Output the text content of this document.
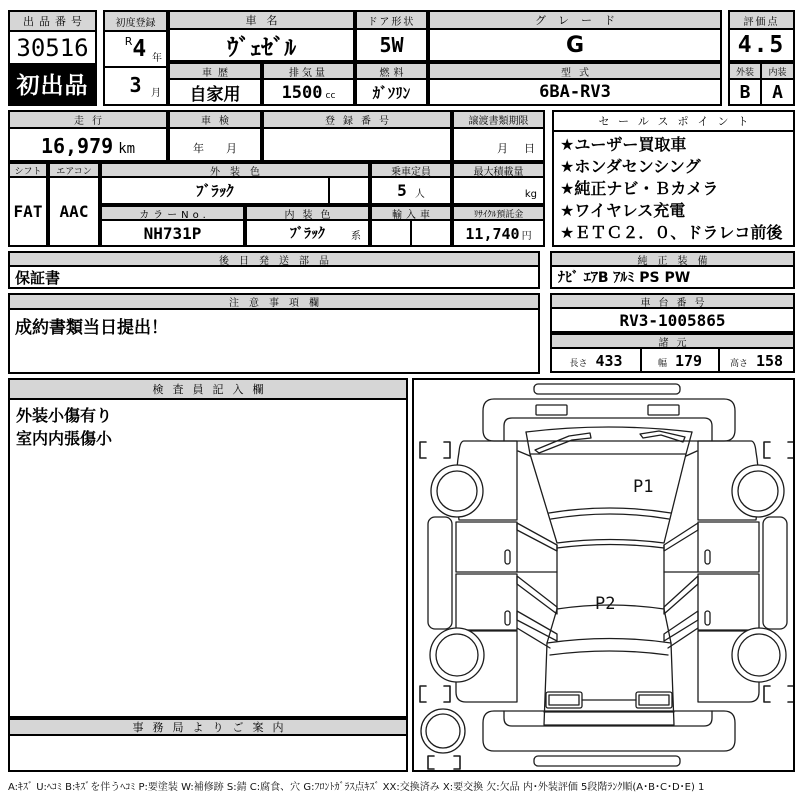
出品番号
30516
初出品
初度登録
R 4 年
3 月
車名
ｳﾞｪｾﾞﾙ
ドア形状
5W
グレード
G
評価点
4.5
車歴
自家用
排気量
1500 cc
燃料
ｶﾞｿﾘﾝ
型式
6BA-RV3
外装
B
内装
A
走行
16,979 km
車検
年 月
登録番号	譲渡書類期限
月 日
シフト
FAT
エアコン
AAC
外装色
ﾌﾞﾗｯｸ
乗車定員
5 人
最大積載量
kg
カラーNo.
NH731P
内装色
ﾌﾞﾗｯｸ	系
輸入車	ﾘｻｲｸﾙ預託金
11,740 円
セールスポイント
★ユーザー買取車
★ホンダセンシング
★純正ナビ・Ｂカメラ
★ワイヤレス充電
★ＥＴＣ２．０、ドラレコ前後
後日発送部品
保証書
純正装備
ﾅﾋﾞ ｴｱB ｱﾙﾐ PS PW
注意事項欄
成約書類当日提出！
車台番号
RV3-1005865
諸元
長さ 433	幅 179	高さ 158
検査員記入欄
外装小傷有り
室内内張傷小
事務局よりご案内
P1
P2
A:ｷｽﾞ U:ﾍｺﾐ B:ｷｽﾞを伴うﾍｺﾐ P:要塗装 W:補修跡 S:錆 C:腐食、穴 G:ﾌﾛﾝﾄｶﾞﾗｽ点ｷｽﾞ XX:交換済み X:要交換 欠:欠品 内･外装評価 5段階ﾗﾝｸ順(A･B･C･D･E) 1
